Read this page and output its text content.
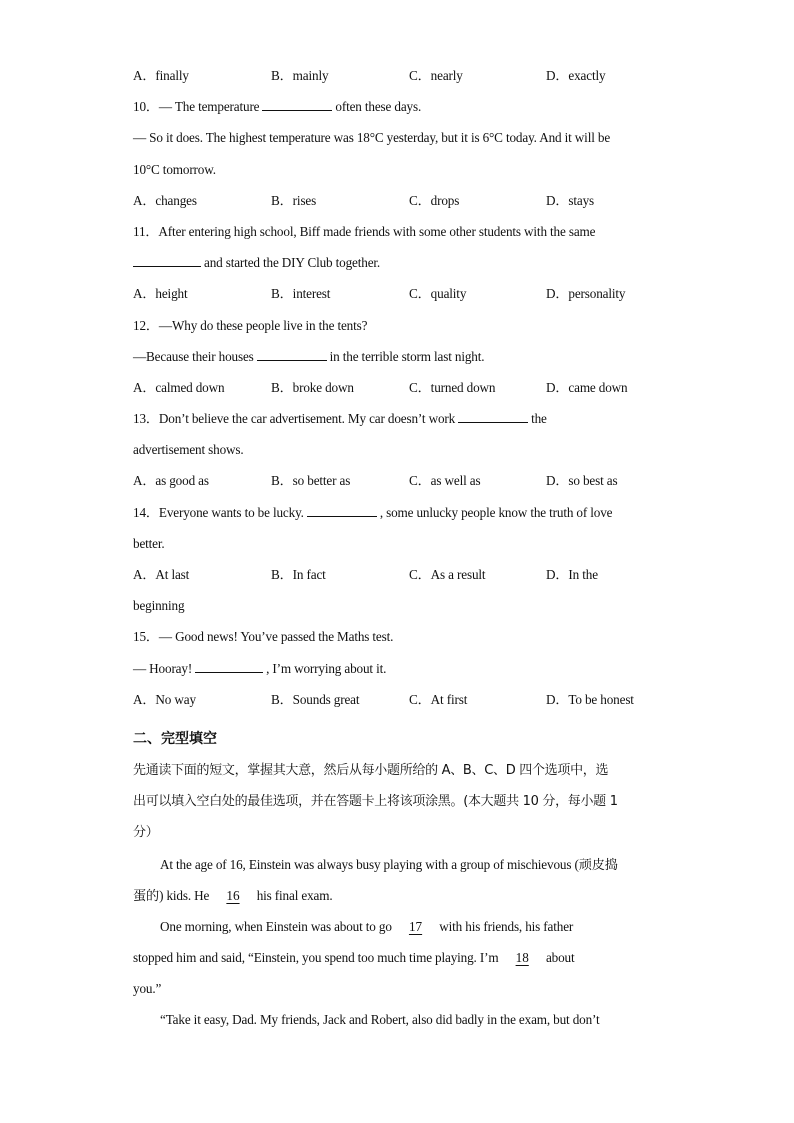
A．finally	B．mainly	C．nearly	D．exactly
10．— The temperature	often these days.
— So it does. The highest temperature was 18°C yesterday, but it is 6°C today. And it will be
10°C tomorrow.
A．changes	B．rises	C．drops	D．stays
11．After entering high school, Biff made friends with some other students with the same
and started the DIY Club together.
A．height	B．interest	C．quality	D．personality
12．—Why do these people live in the tents?
—Because their houses	in the terrible storm last night.
A．calmed down	B．broke down	C．turned down	D．came down
13．Don’t believe the car advertisement. My car doesn’t work	the
advertisement shows.
A．as good as	B．so better as	C．as well as	D．so best as
14．Everyone wants to be lucky.	, some unlucky people know the truth of love
better.
A．At last	B．In fact	C．As a result	D．In the
beginning
15．— Good news! You’ve passed the Maths test.
— Hooray!	, I’m worrying about it.
A．No way	B．Sounds great	C．At first	D．To be honest
二、完型填空
先通读下面的短文，掌握其大意，然后从每小题所给的 A、B、C、D 四个选项中，选
出可以填入空白处的最佳选项，并在答题卡上将该项涂黑。(本大题共 10 分，每小题 1
分）
At the age of 16, Einstein was always busy playing with a group of mischievous (顽皮捣
蛋的) kids. He 16 his final exam.
One morning, when Einstein was about to go 17 with his friends, his father
stopped him and said, “Einstein, you spend too much time playing. I’m 18 about
you.”
“Take it easy, Dad. My friends, Jack and Robert, also did badly in the exam, but don’t
